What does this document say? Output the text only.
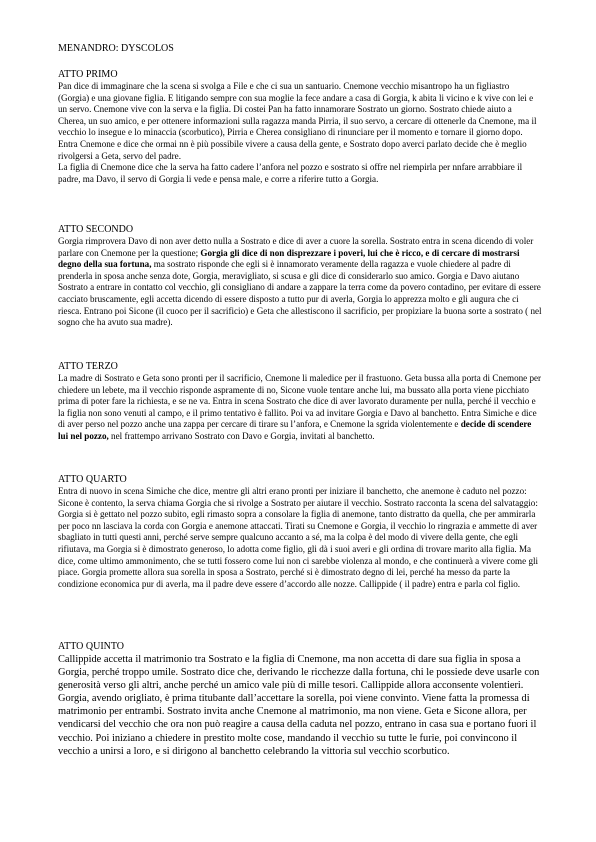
MENANDRO: DYSCOLOS
ATTO PRIMO

Pan dice di immaginare che la scena si svolga a File e che ci sua un santuario. Cnemone vecchio misantropo ha un figliastro (Gorgia) e una giovane figlia. E litigando sempre con sua moglie la fece andare a casa di Gorgia, k abita li vicino e k vive con lei e un servo. Cnemone vive con la serva e la figlia. Di costei Pan ha fatto innamorare Sostrato un giorno. Sostrato chiede aiuto a Cherea, un suo amico, e per ottenere informazioni sulla ragazza manda Pirria, il suo servo, a cercare di ottenerle da Cnemone, ma il vecchio lo insegue e lo minaccia (scorbutico), Pirria e Cherea consigliano di rinunciare per il momento e tornare il giorno dopo. Entra Cnemone e dice che ormai nn è più possibile vivere a causa della gente, e Sostrato dopo averci parlato decide che è meglio rivolgersi a Geta, servo del padre.

La figlia di Cnemone dice che la serva ha fatto cadere l’anfora nel pozzo e sostrato si offre nel riempirla per nnfare arrabbiare il padre, ma Davo, il servo di Gorgia li vede e pensa male, e corre a riferire tutto a Gorgia.

ATTO SECONDO

Gorgia rimprovera Davo di non aver detto nulla a Sostrato e dice di aver a cuore la sorella. Sostrato entra in scena dicendo di voler parlare con Cnemone per la questione; Gorgia gli dice di non disprezzare i poveri, lui che è ricco, e di cercare di mostrarsi degno della sua fortuna, ma sostrato risponde che egli si è innamorato veramente della ragazza e vuole chiedere al padre di prenderla in sposa anche senza dote, Gorgia, meravigliato, si scusa e gli dice di considerarlo suo amico. Gorgia e Davo aiutano Sostrato a entrare in contatto col vecchio, gli consigliano di andare a zappare la terra come da povero contadino, per evitare di essere cacciato bruscamente, egli accetta dicendo di essere disposto a tutto pur di averla, Gorgia lo apprezza molto e gli augura che ci riesca. Entrano poi Sicone (il cuoco per il sacrificio) e Geta che allestiscono il sacrificio, per propiziare la buona sorte a sostrato ( nel sogno che ha avuto sua madre).

ATTO TERZO

La madre di Sostrato e Geta sono pronti per il sacrificio, Cnemone li maledice per il frastuono. Geta bussa alla porta di Cnemone per chiedere un lebete, ma il vecchio risponde aspramente di no, Sicone vuole tentare anche lui, ma bussato alla porta viene picchiato prima di poter fare la richiesta, e se ne va. Entra in scena Sostrato che dice di aver lavorato duramente per nulla, perché il vecchio e la figlia non sono venuti al campo, e il primo tentativo è fallito. Poi va ad invitare Gorgia e Davo al banchetto. Entra Simiche e dice di aver perso nel pozzo anche una zappa per cercare di tirare su l’anfora, e Cnemone la sgrida violentemente e decide di scendere lui nel pozzo, nel frattempo arrivano Sostrato con Davo e Gorgia, invitati al banchetto.

ATTO QUARTO

Entra di nuovo in scena Simiche che dice, mentre gli altri erano pronti per iniziare il banchetto, che anemone è caduto nel pozzo: Sicone è contento, la serva chiama Gorgia che si rivolge a Sostrato per aiutare il vecchio. Sostrato racconta la scena del salvataggio: Gorgia si è gettato nel pozzo subito, egli rimasto sopra a consolare la figlia di anemone, tanto distratto da quella, che per ammirarla per poco nn lasciava la corda con Gorgia e anemone attaccati. Tirati su Cnemone e Gorgia, il vecchio lo ringrazia e ammette di aver sbagliato in tutti questi anni, perché serve sempre qualcuno accanto a sé, ma la colpa è del modo di vivere della gente, che egli rifiutava, ma Gorgia si è dimostrato generoso, lo adotta come figlio, gli dà i suoi averi e gli ordina di trovare marito alla figlia. Ma dice, come ultimo ammonimento, che se tutti fossero come lui non ci sarebbe violenza al mondo, e che continuerà a vivere come gli piace. Gorgia promette allora sua sorella in sposa a Sostrato, perché si è dimostrato degno di lei, perché ha messo da parte la condizione economica pur di averla, ma il padre deve essere d’accordo alle nozze. Callippide ( il padre) entra e parla col figlio.

ATTO QUINTO

Callippide accetta il matrimonio tra Sostrato e la figlia di Cnemone, ma non accetta di dare sua figlia in sposa a Gorgia, perché troppo umile. Sostrato dice che, derivando le ricchezze dalla fortuna, chi le possiede deve usarle con generosità verso gli altri, anche perché un amico vale più di mille tesori. Callippide allora acconsente volentieri. Gorgia, avendo origliato, è prima titubante dall’accettare la sorella, poi viene convinto. Viene fatta la promessa di matrimonio per entrambi. Sostrato invita anche Cnemone al matrimonio, ma non viene. Geta e Sicone allora, per vendicarsi del vecchio che ora non può reagire a causa della caduta nel pozzo, entrano in casa sua e portano fuori il vecchio. Poi iniziano a chiedere in prestito molte cose, mandando il vecchio su tutte le furie, poi convincono il vecchio a unirsi a loro, e si dirigono al banchetto celebrando la vittoria sul vecchio scorbutico.
